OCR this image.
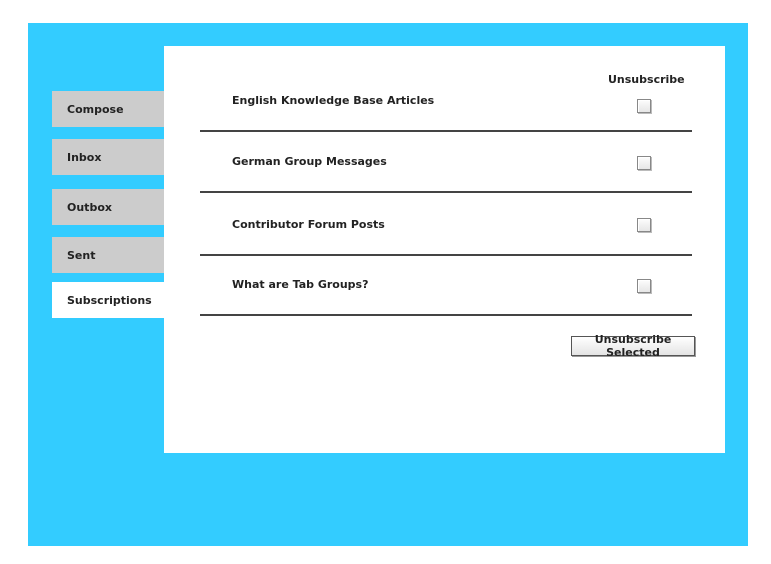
Compose
Inbox
Outbox
Sent
Subscriptions
Unsubscribe
English Knowledge Base Articles
German Group Messages
Contributor Forum Posts
What are Tab Groups?
Unsubscribe Selected
